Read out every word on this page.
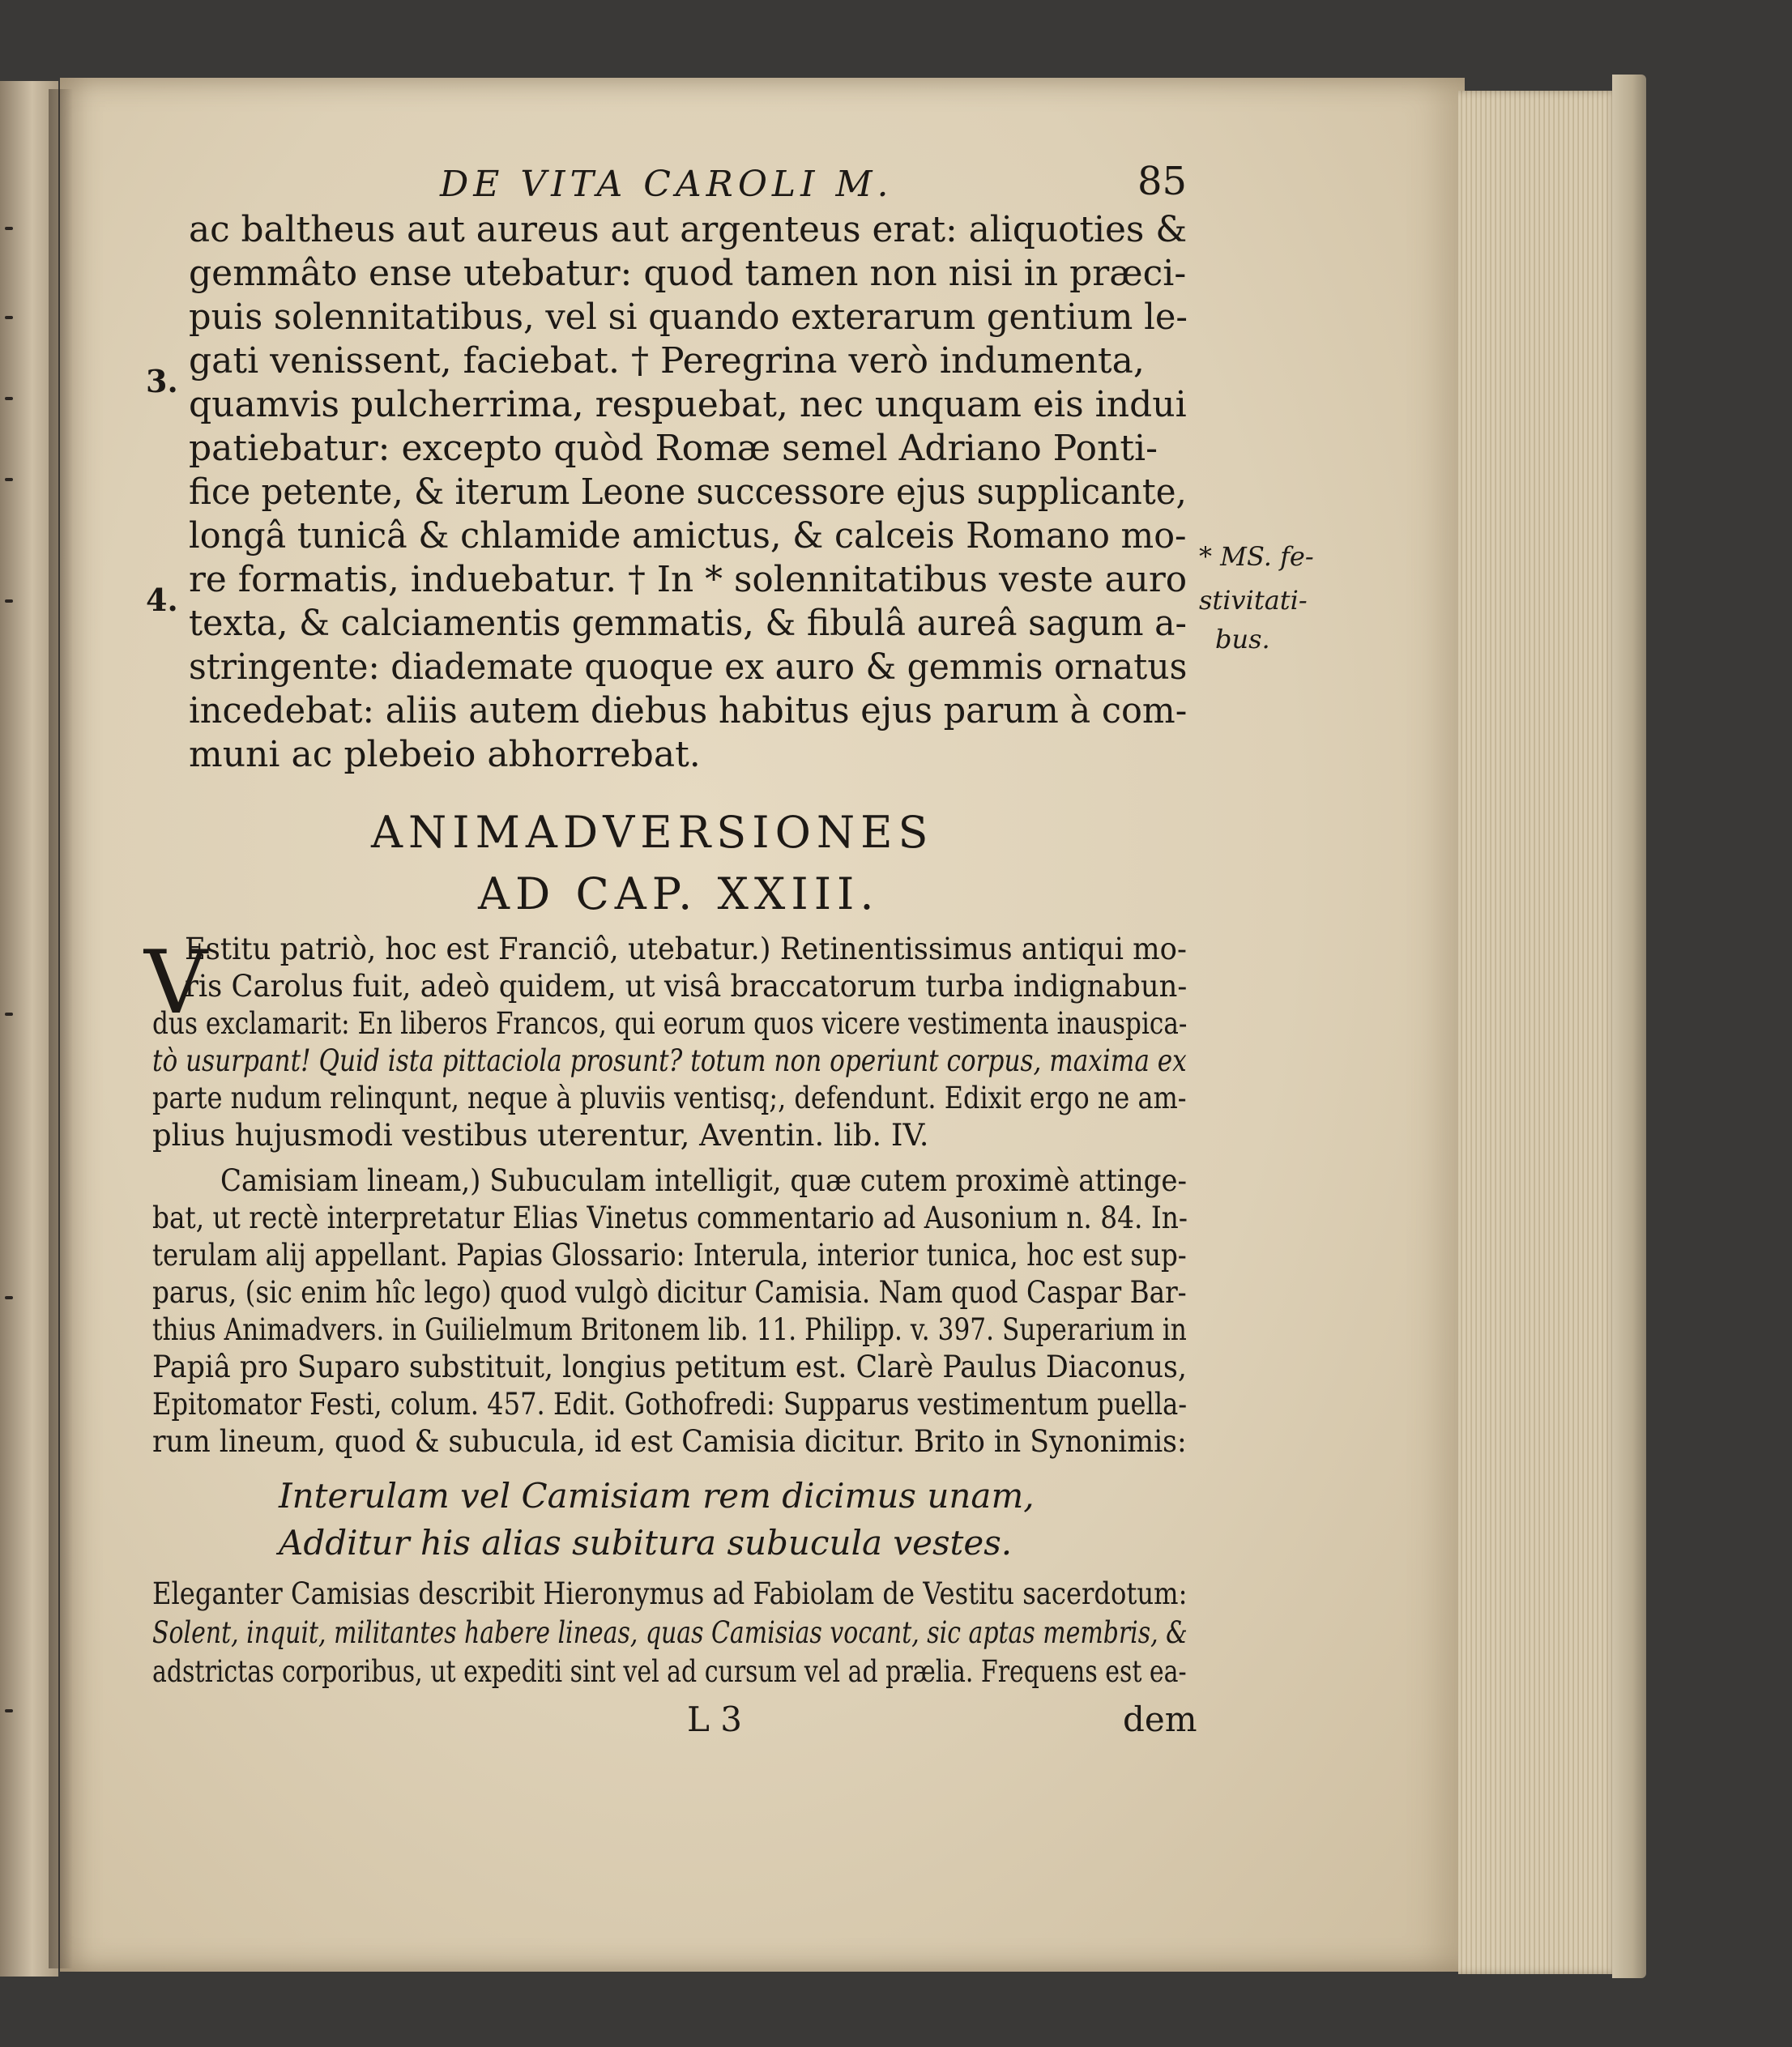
DE VITA CAROLI M.	85
ac baltheus aut aureus aut argenteus erat: aliquoties &
gemmâto ense utebatur: quod tamen non nisi in præci-
puis solennitatibus, vel si quando exterarum gentium le-
gati venissent, faciebat. † Peregrina verò indumenta,
quamvis pulcherrima, respuebat, nec unquam eis indui
patiebatur: excepto quòd Romæ semel Adriano Ponti-
fice petente, & iterum Leone successore ejus supplicante,
longâ tunicâ & chlamide amictus, & calceis Romano mo-
re formatis, induebatur. † In * solennitatibus veste auro
texta, & calciamentis gemmatis, & fibulâ aureâ sagum a-
stringente: diademate quoque ex auro & gemmis ornatus
incedebat: aliis autem diebus habitus ejus parum à com-
muni ac plebeio abhorrebat.
3.
4.
* MS. fe-
stivitati-
bus.
ANIMADVERSIONES
AD CAP. XXIII.
V
Estitu patriò, hoc est Franciô, utebatur.) Retinentissimus antiqui mo-
ris Carolus fuit, adeò quidem, ut visâ braccatorum turba indignabun-
dus exclamarit: En liberos Francos, qui eorum quos vicere vestimenta inauspica-
tò usurpant! Quid ista pittaciola prosunt? totum non operiunt corpus, maxima ex
parte nudum relinqunt, neque à pluviis ventisq;, defendunt. Edixit ergo ne am-
plius hujusmodi vestibus uterentur, Aventin. lib. IV.
Camisiam lineam,) Subuculam intelligit, quæ cutem proximè attinge-
bat, ut rectè interpretatur Elias Vinetus commentario ad Ausonium n. 84. In-
terulam alij appellant. Papias Glossario: Interula, interior tunica, hoc est sup-
parus, (sic enim hîc lego) quod vulgò dicitur Camisia. Nam quod Caspar Bar-
thius Animadvers. in Guilielmum Britonem lib. 11. Philipp. v. 397. Superarium in
Papiâ pro Suparo substituit, longius petitum est. Clarè Paulus Diaconus,
Epitomator Festi, colum. 457. Edit. Gothofredi: Supparus vestimentum puella-
rum lineum, quod & subucula, id est Camisia dicitur. Brito in Synonimis:
Interulam vel Camisiam rem dicimus unam,
Additur his alias subitura subucula vestes.
Eleganter Camisias describit Hieronymus ad Fabiolam de Vestitu sacerdotum:
Solent, inquit, militantes habere lineas, quas Camisias vocant, sic aptas membris, &
adstrictas corporibus, ut expediti sint vel ad cursum vel ad prælia. Frequens est ea-
L 3	dem
